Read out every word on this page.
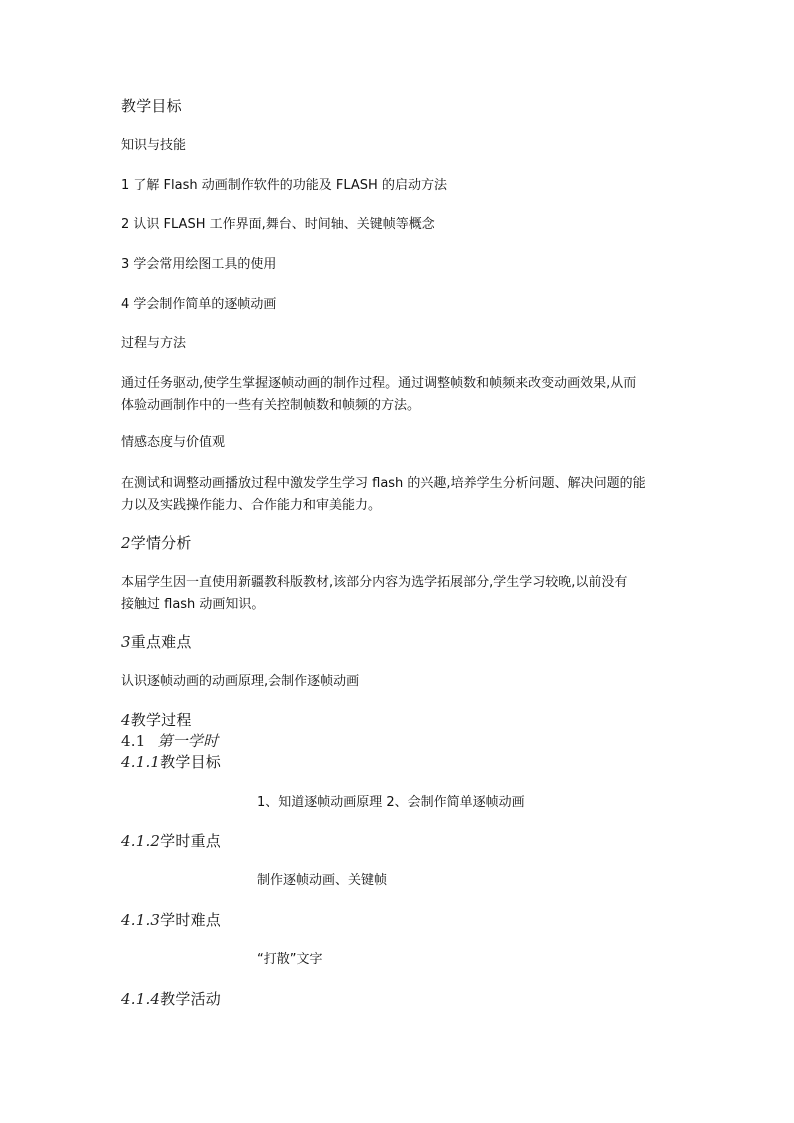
教学目标
知识与技能
1 了解 Flash 动画制作软件的功能及 FLASH 的启动方法
2 认识 FLASH 工作界面,舞台、时间轴、关键帧等概念
3 学会常用绘图工具的使用
4 学会制作简单的逐帧动画
过程与方法
通过任务驱动,使学生掌握逐帧动画的制作过程。通过调整帧数和帧频来改变动画效果,从而
体验动画制作中的一些有关控制帧数和帧频的方法。
情感态度与价值观
在测试和调整动画播放过程中激发学生学习 flash 的兴趣,培养学生分析问题、解决问题的能
力以及实践操作能力、合作能力和审美能力。
2学情分析
本届学生因一直使用新疆教科版教材,该部分内容为选学拓展部分,学生学习较晚,以前没有
接触过 flash 动画知识。
3重点难点
认识逐帧动画的动画原理,会制作逐帧动画
4教学过程
4.1 第一学时
4.1.1教学目标
1、知道逐帧动画原理 2、会制作简单逐帧动画
4.1.2学时重点
制作逐帧动画、关键帧
4.1.3学时难点
“打散”文字
4.1.4教学活动
